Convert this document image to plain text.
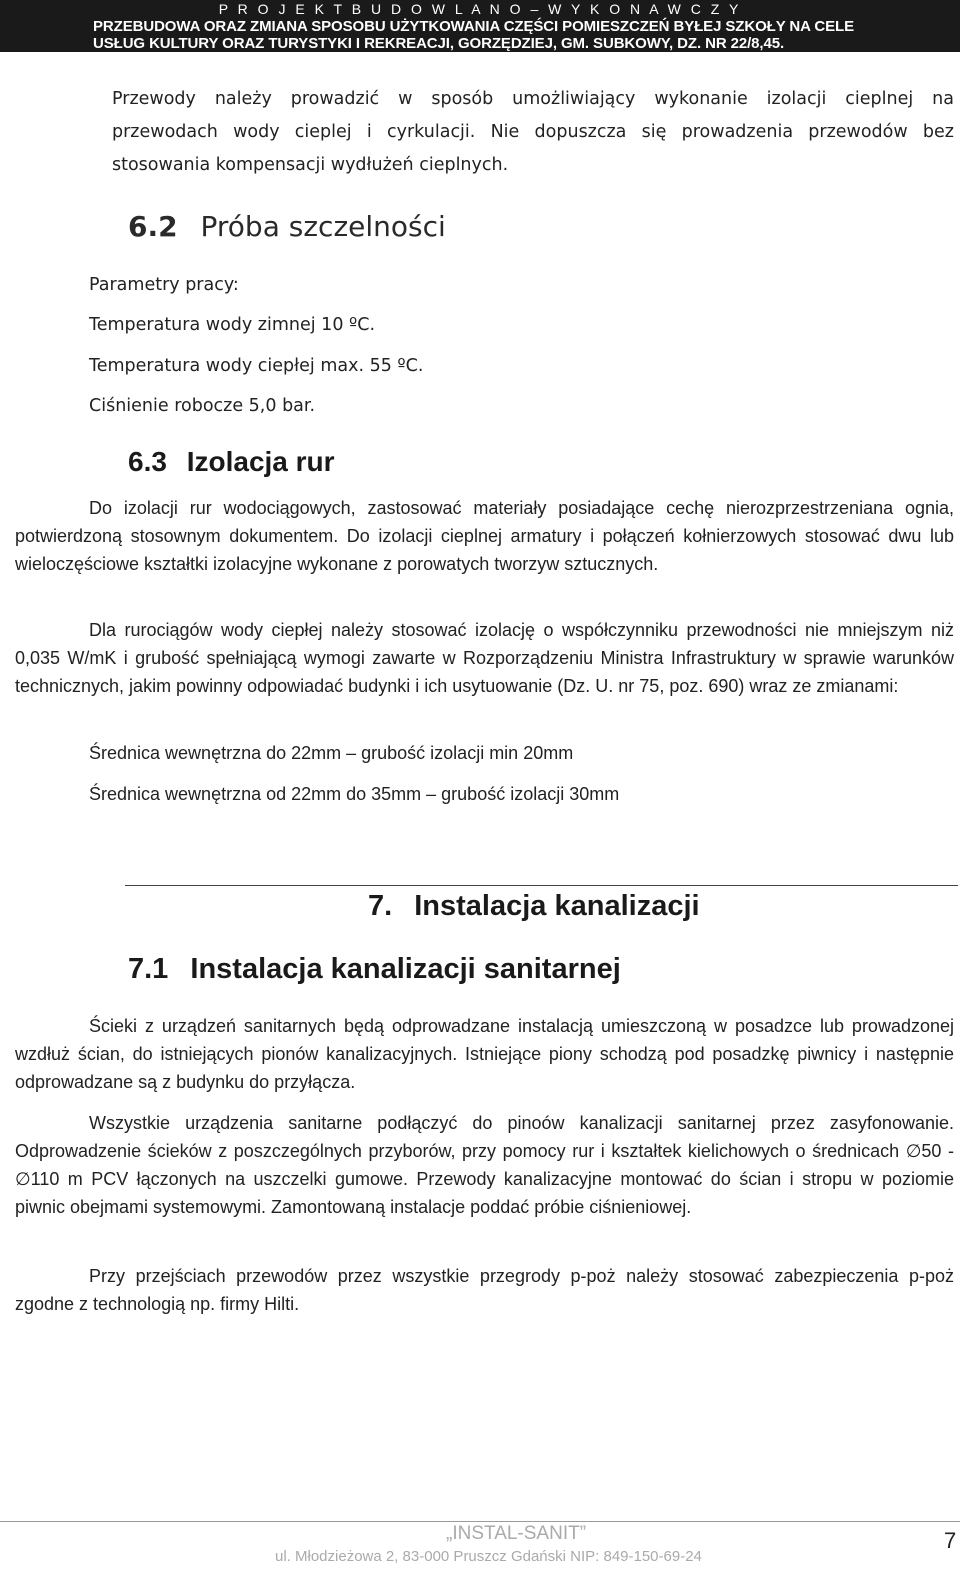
P R O J E K T B U D O W L A N O – W Y K O N A W C Z Y
PRZEBUDOWA ORAZ ZMIANA SPOSOBU UŻYTKOWANIA CZĘŚCI POMIESZCZEŃ BYŁEJ SZKOŁY NA CELE
USŁUG KULTURY ORAZ TURYSTYKI I REKREACJI, GORZĘDZIEJ, GM. SUBKOWY, DZ. NR 22/8,45.
Przewody należy prowadzić w sposób umożliwiający wykonanie izolacji cieplnej na
przewodach wody cieplej i cyrkulacji. Nie dopuszcza się prowadzenia przewodów bez
stosowania kompensacji wydłużeń cieplnych.
6.2 Próba szczelności
Parametry pracy:
Temperatura wody zimnej 10 ºC.
Temperatura wody ciepłej max. 55 ºC.
Ciśnienie robocze 5,0 bar.
6.3 Izolacja rur
Do izolacji rur wodociągowych, zastosować materiały posiadające cechę nierozprzestrzeniana ognia, potwierdzoną stosownym dokumentem. Do izolacji cieplnej armatury i połączeń kołnierzowych stosować dwu lub wieloczęściowe kształtki izolacyjne wykonane z porowatych tworzyw sztucznych.
Dla rurociągów wody ciepłej należy stosować izolację o współczynniku przewodności nie mniejszym niż 0,035 W/mK i grubość spełniającą wymogi zawarte w Rozporządzeniu Ministra Infrastruktury w sprawie warunków technicznych, jakim powinny odpowiadać budynki i ich usytuowanie (Dz. U. nr 75, poz. 690) wraz ze zmianami:
Średnica wewnętrzna do 22mm – grubość izolacji min 20mm
Średnica wewnętrzna od 22mm do 35mm – grubość izolacji 30mm
7. Instalacja kanalizacji
7.1 Instalacja kanalizacji sanitarnej
Ścieki z urządzeń sanitarnych będą odprowadzane instalacją umieszczoną w posadzce lub prowadzonej wzdłuż ścian, do istniejących pionów kanalizacyjnych. Istniejące piony schodzą pod posadzkę piwnicy i następnie odprowadzane są z budynku do przyłącza.
Wszystkie urządzenia sanitarne podłączyć do pinoów kanalizacji sanitarnej przez zasyfonowanie. Odprowadzenie ścieków z poszczególnych przyborów, przy pomocy rur i kształtek kielichowych o średnicach ∅50 - ∅110 m PCV łączonych na uszczelki gumowe. Przewody kanalizacyjne montować do ścian i stropu w poziomie piwnic obejmami systemowymi. Zamontowaną instalacje poddać próbie ciśnieniowej.
Przy przejściach przewodów przez wszystkie przegrody p-poż należy stosować zabezpieczenia p-poż zgodne z technologią np. firmy Hilti.
„INSTAL-SANIT”
ul. Młodzieżowa 2, 83-000 Pruszcz Gdański NIP: 849-150-69-24
7
